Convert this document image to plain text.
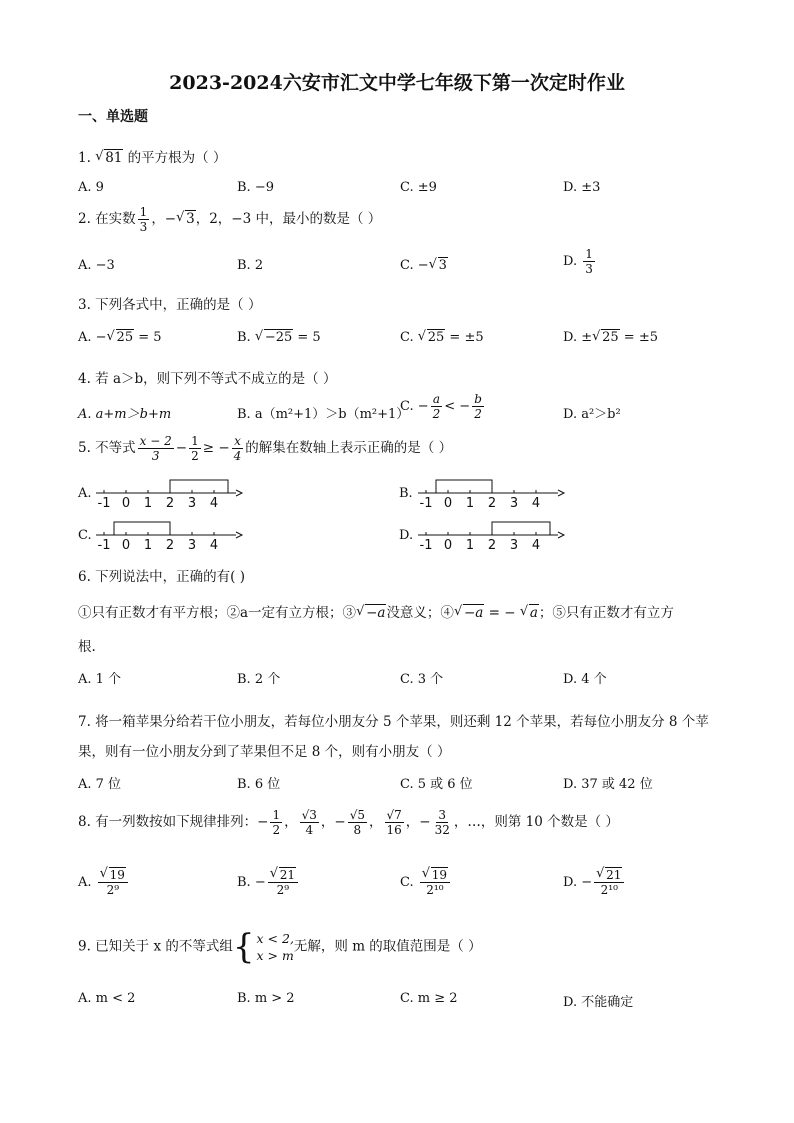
2023-2024六安市汇文中学七年级下第一次定时作业
一、单选题
1. √ 81 的平方根为（ ）
A. 9	B. −9	C. ±9	D. ±3
2. 在实数 $\frac{1}{3}$ ，− √ 3，2，−3 中，最小的数是（ ）
A. −3	B. 2	C. − √ 3	D. $\frac{1}{3}$
3. 下列各式中，正确的是（ ）
A. − √ 25 = 5	B. √ −25 = 5	C. √ 25 = ±5	D. ± √ 25 = ±5
4. 若 a＞b，则下列不等式不成立的是（ ）
A. a+m＞b+m	B. a（m²+1）＞b（m²+1）
C. − $\frac{a}{2}$ < − $\frac{b}{2}$	D. a²＞b²
5. 不等式 $\frac{x - 2}{3} - \frac{1}{2}$ ≥ − $\frac{x}{4}$ 的解集在数轴上表示正确的是（ ）
A.
-1 0 1 2 3 4
B.
-1 0 1 2 3 4
C.
-1 0 1 2 3 4
D.
-1 0 1 2 3 4
6. 下列说法中，正确的有( )
①只有正数才有平方根；②a一定有立方根；③ √ −a没意义；④ √ −a = − √ a；⑤只有正数才有立方
根.
A. 1 个	B. 2 个	C. 3 个	D. 4 个
7. 将一箱苹果分给若干位小朋友，若每位小朋友分 5 个苹果，则还剩 12 个苹果，若每位小朋友分 8 个苹
果，则有一位小朋友分到了苹果但不足 8 个，则有小朋友（ ）
A. 7 位	B. 6 位	C. 5 或 6 位	D. 37 或 42 位
8. 有一列数按如下规律排列：− $\frac{1}{2}$ ， $\frac{√3}{4}$ ，− $\frac{√5}{8}$ ， $\frac{√7}{16}$ ，− $\frac{3}{32}$ ，…，则第 10 个数是（ ）
A. √ $\frac{19}{\text{2⁹}}$	B. − √ $\frac{21}{\text{2⁹}}$	C. √ $\frac{19}{\text{2¹⁰}}$	D. − √ $\frac{21}{\text{2¹⁰}}$
9. 已知关于 x 的不等式组 { x < 2,
x > m
无解，则 m 的取值范围是（ ）
A. m < 2	B. m > 2	C. m ≥ 2	D. 不能确定
